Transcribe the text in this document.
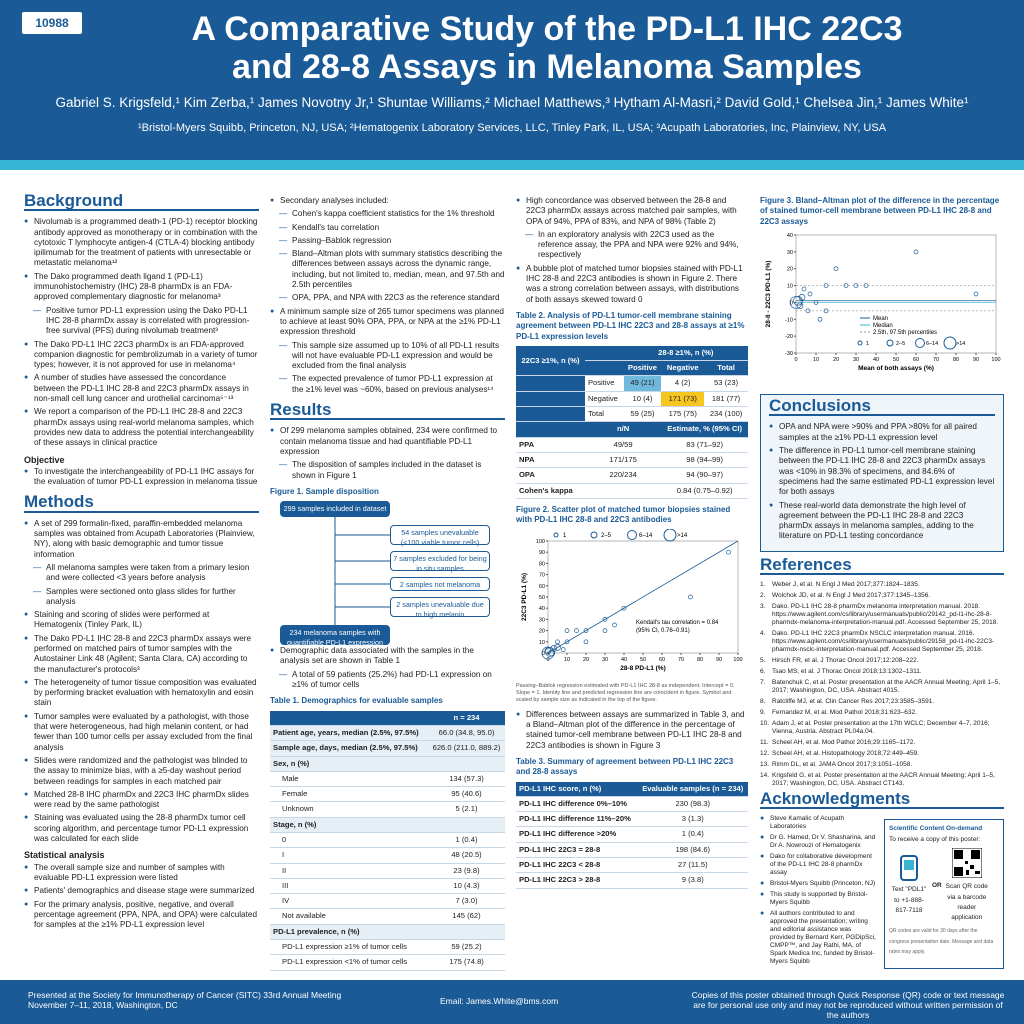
10988	A Comparative Study of the PD-L1 IHC 22C3
and 28-8 Assays in Melanoma Samples
Gabriel S. Krigsfeld,¹ Kim Zerba,¹ James Novotny Jr,¹ Shuntae Williams,² Michael Matthews,³ Hytham Al-Masri,² David Gold,¹ Chelsea Jin,¹ James White¹
¹Bristol-Myers Squibb, Princeton, NJ, USA; ²Hematogenix Laboratory Services, LLC, Tinley Park, IL, USA; ³Acupath Laboratories, Inc, Plainview, NY, USA
Background
● Nivolumab is a programmed death-1 (PD-1) receptor blocking antibody approved as monotherapy or in combination with the cytotoxic T lymphocyte antigen-4 (CTLA-4) blocking antibody ipilimumab for the treatment of patients with unresectable or metastatic melanoma¹²
● The Dako programmed death ligand 1 (PD-L1) immunohistochemistry (IHC) 28-8 pharmDx is an FDA-approved complementary diagnostic for melanoma³
— Positive tumor PD-L1 expression using the Dako PD-L1 IHC 28-8 pharmDx assay is correlated with progression-free survival (PFS) during nivolumab treatment³
● The Dako PD-L1 IHC 22C3 pharmDx is an FDA-approved companion diagnostic for pembrolizumab in a variety of tumor types; however, it is not approved for use in melanoma⁴
● A number of studies have assessed the concordance between the PD-L1 IHC 28-8 and 22C3 pharmDx assays in non-small cell lung cancer and urothelial carcinoma⁵⁻¹³
● We report a comparison of the PD-L1 IHC 28-8 and 22C3 pharmDx assays using real-world melanoma samples, which provides new data to address the potential interchangeability of these assays in clinical practice
Objective
● To investigate the interchangeability of PD-L1 IHC assays for the evaluation of tumor PD-L1 expression in melanoma tissue
Methods
● A set of 299 formalin-fixed, paraffin-embedded melanoma samples was obtained from Acupath Laboratories (Plainview, NY), along with basic demographic and tumor tissue information
— All melanoma samples were taken from a primary lesion and were collected <3 years before analysis
— Samples were sectioned onto glass slides for further analysis
● Staining and scoring of slides were performed at Hematogenix (Tinley Park, IL)
● The Dako PD-L1 IHC 28-8 and 22C3 pharmDx assays were performed on matched pairs of tumor samples with the Autostainer Link 48 (Agilent; Santa Clara, CA) according to the manufacturer's protocols³
● The heterogeneity of tumor tissue composition was evaluated by performing bracket evaluation with hematoxylin and eosin stain
● Tumor samples were evaluated by a pathologist, with those that were heterogeneous, had high melanin content, or had fewer than 100 tumor cells per assay excluded from the final analysis
● Slides were randomized and the pathologist was blinded to the assay to minimize bias, with a ≥5-day washout period between readings for samples in each matched pair
● Matched 28-8 IHC pharmDx and 22C3 IHC pharmDx slides were read by the same pathologist
● Staining was evaluated using the 28-8 pharmDx tumor cell scoring algorithm, and percentage tumor PD-L1 expression was calculated for each slide
Statistical analysis
● The overall sample size and number of samples with evaluable PD-L1 expression were listed
● Patients' demographics and disease stage were summarized
● For the primary analysis, positive, negative, and overall percentage agreement (PPA, NPA, and OPA) were calculated for samples at the ≥1% PD-L1 expression level
● Secondary analyses included:
— Cohen's kappa coefficient statistics for the 1% threshold
— Kendall's tau correlation
— Passing–Bablok regression
— Bland–Altman plots with summary statistics describing the differences between assays across the dynamic range, including, but not limited to, median, mean, and 97.5th and 2.5th percentiles
— OPA, PPA, and NPA with 22C3 as the reference standard
● A minimum sample size of 265 tumor specimens was planned to achieve at least 90% OPA, PPA, or NPA at the ≥1% PD-L1 expression threshold
— This sample size assumed up to 10% of all PD-L1 results will not have evaluable PD-L1 expression and would be excluded from the final analysis
— The expected prevalence of tumor PD-L1 expression at the ≥1% level was ~60%, based on previous analyses¹⁴
Results
● Of 299 melanoma samples obtained, 234 were confirmed to contain melanoma tissue and had quantifiable PD-L1 expression
— The disposition of samples included in the dataset is shown in Figure 1
Figure 1. Sample disposition
299 samples included in dataset
54 samples unevaluable (<100 viable tumor cells)
7 samples excluded for being in situ samples
2 samples not melanoma
2 samples unevaluable due to high melanin
234 melanoma samples with quantifiable PD-L1 expression
● Demographic data associated with the samples in the analysis set are shown in Table 1
— A total of 59 patients (25.2%) had PD-L1 expression on ≥1% of tumor cells
Table 1. Demographics for evaluable samples
	n = 234
Patient age, years, median (2.5%, 97.5%)	66.0 (34.8, 95.0)
Sample age, days, median (2.5%, 97.5%)	626.0 (211.0, 889.2)
Sex, n (%)	
Male	134 (57.3)
Female	95 (40.6)
Unknown	5 (2.1)
Stage, n (%)	
0	1 (0.4)
I	48 (20.5)
II	23 (9.8)
III	10 (4.3)
IV	7 (3.0)
Not available	145 (62)
PD-L1 prevalence, n (%)	
PD-L1 expression ≥1% of tumor cells	59 (25.2)
PD-L1 expression <1% of tumor cells	175 (74.8)
● High concordance was observed between the 28-8 and 22C3 pharmDx assays across matched pair samples, with OPA of 94%, PPA of 83%, and NPA of 98% (Table 2)
— In an exploratory analysis with 22C3 used as the reference assay, the PPA and NPA were 92% and 94%, respectively
● A bubble plot of matched tumor biopsies stained with PD-L1 IHC 28-8 and 22C3 antibodies is shown in Figure 2. There was a strong correlation between assays, with distributions of both assays skewed toward 0
Table 2. Analysis of PD-L1 tumor-cell membrane staining agreement between PD-L1 IHC 22C3 and 28-8 assays at ≥1% PD-L1 expression levels
22C3 ≥1%, n (%)		28-8 ≥1%, n (%)		
		Positive	Negative	Total
	Positive	49 (21)	4 (2)	53 (23)
	Negative	10 (4)	171 (73)	181 (77)
	Total	59 (25)	175 (75)	234 (100)
	n/N		Estimate, % (95% CI)	
PPA	49/59		83 (71–92)	
NPA	171/175		98 (94–99)	
OPA	220/234		94 (90–97)	
Cohen's kappa			0.84 (0.75–0.92)	
Figure 2. Scatter plot of matched tumor biopsies stained with PD-L1 IHC 28-8 and 22C3 antibodies
0	10 20 30 40 50 60 70 80 90 100
0
10
20
30
40
50
60
70
80
90
100
28-8 PD-L1 (%)
22C3 PD-L1 (%)
1	2–5	6–14	>14
Kendall's tau correlation = 0.84
(95% CI, 0.76–0.91)
Passing–Bablok regression estimated with PD-L1 IHC 28-8 as independent. Intercept = 0. Slope = 1. Identity line and predicted regression line are coincident in figure. Symbol and scaled by sample size as indicated in the top of the figure.
● Differences between assays are summarized in Table 3, and a Bland–Altman plot of the difference in the percentage of stained tumor-cell membrane between PD-L1 IHC 28-8 and 22C3 antibodies is shown in Figure 3
Table 3. Summary of agreement between PD-L1 IHC 22C3 and 28-8 assays
PD-L1 IHC score, n (%)	Evaluable samples (n = 234)
PD-L1 IHC difference 0%–10%	230 (98.3)
PD-L1 IHC difference 11%–20%	3 (1.3)
PD-L1 IHC difference >20%	1 (0.4)
PD-L1 IHC 22C3 = 28-8	198 (84.6)
PD-L1 IHC 22C3 < 28-8	27 (11.5)
PD-L1 IHC 22C3 > 28-8	9 (3.8)
Figure 3. Bland–Altman plot of the difference in the percentage of stained tumor-cell membrane between PD-L1 IHC 28-8 and 22C3 assays
0	10	20	30	40	50	60	70	80	90 100
-30
-20
-10
0
10
20
30
40
Mean of both assays (%)
28-8 - 22C3 PD-L1 (%)	Mean
Median
2.5th, 97.5th percentiles
1	2–5	6–14	>14
Conclusions
● OPA and NPA were >90% and PPA >80% for all paired samples at the ≥1% PD-L1 expression level
● The difference in PD-L1 tumor-cell membrane staining between the PD-L1 IHC 28-8 and 22C3 pharmDx assays was <10% in 98.3% of specimens, and 84.6% of specimens had the same estimated PD-L1 expression level for both assays
● These real-world data demonstrate the high level of agreement between the PD-L1 IHC 28-8 and 22C3 pharmDx assays in melanoma samples, adding to the literature on PD-L1 testing concordance
References
1. Weber J, et al. N Engl J Med 2017;377:1824–1835.
2. Wolchok JD, et al. N Engl J Med 2017;377:1345–1356.
3. Dako. PD-L1 IHC 28-8 pharmDx melanoma interpretation manual. 2018. https://www.agilent.com/cs/library/usermanuals/public/29142_pd-l1-ihc-28-8-pharmdx-melanoma-interpretation-manual.pdf. Accessed September 25, 2018.
4. Dako. PD-L1 IHC 22C3 pharmDx NSCLC interpretation manual. 2016. https://www.agilent.com/cs/library/usermanuals/public/29158_pd-l1-ihc-22C3-pharmdx-nsclc-interpretation-manual.pdf. Accessed September 25, 2018.
5. Hirsch FR, et al. J Thorac Oncol 2017;12:208–222.
6. Tsao MS, et al. J Thorac Oncol 2018;13:1302–1311.
7. Batenchuk C, et al. Poster presentation at the AACR Annual Meeting; April 1–5, 2017; Washington, DC, USA. Abstract 4015.
8. Ratcliffe MJ, et al. Clin Cancer Res 2017;23:3585–3591.
9. Fernandez M, et al. Mod Pathol 2018;31:623–632.
10. Adam J, et al. Poster presentation at the 17th WCLC; December 4–7, 2016; Vienna, Austria. Abstract PL04a.04.
11. Scheel AH, et al. Mod Pathol 2016;29:1165–1172.
12. Scheel AH, et al. Histopathology 2018;72:449–459.
13. Rimm DL, et al. JAMA Oncol 2017;3:1051–1058.
14. Krigsfeld G, et al. Poster presentation at the AACR Annual Meeting; April 1–5, 2017; Washington, DC, USA. Abstract CT143.
Acknowledgments
● Steve Kamalic of Acupath Laboratories
● Dr G. Hamed, Dr V. Shasharina, and Dr A. Nowrouzi of Hematogenix
● Dako for collaborative development of the PD-L1 IHC 28-8 pharmDx assay
● Bristol-Myers Squibb (Princeton, NJ)
● This study is supported by Bristol-Myers Squibb
● All authors contributed to and approved the presentation; writing and editorial assistance was provided by Bernard Kerr, PGDipSci, CMPP™, and Jay Rathi, MA, of Spark Medica Inc, funded by Bristol-Myers Squibb
Scientific Content On-demand
To receive a copy of this poster:
Text "PDL1" to +1-888-817-7118
OR Scan QR code via a barcode reader application
QR codes are valid for 30 days after the congress presentation date. Message and data rates may apply.
Presented at the Society for Immunotherapy of Cancer (SITC) 33rd Annual Meeting November 7–11, 2018, Washington, DC	Email: James.White@bms.com
Copies of this poster obtained through Quick Response (QR) code or text message are for personal use only and may not be reproduced without written permission of the authors
